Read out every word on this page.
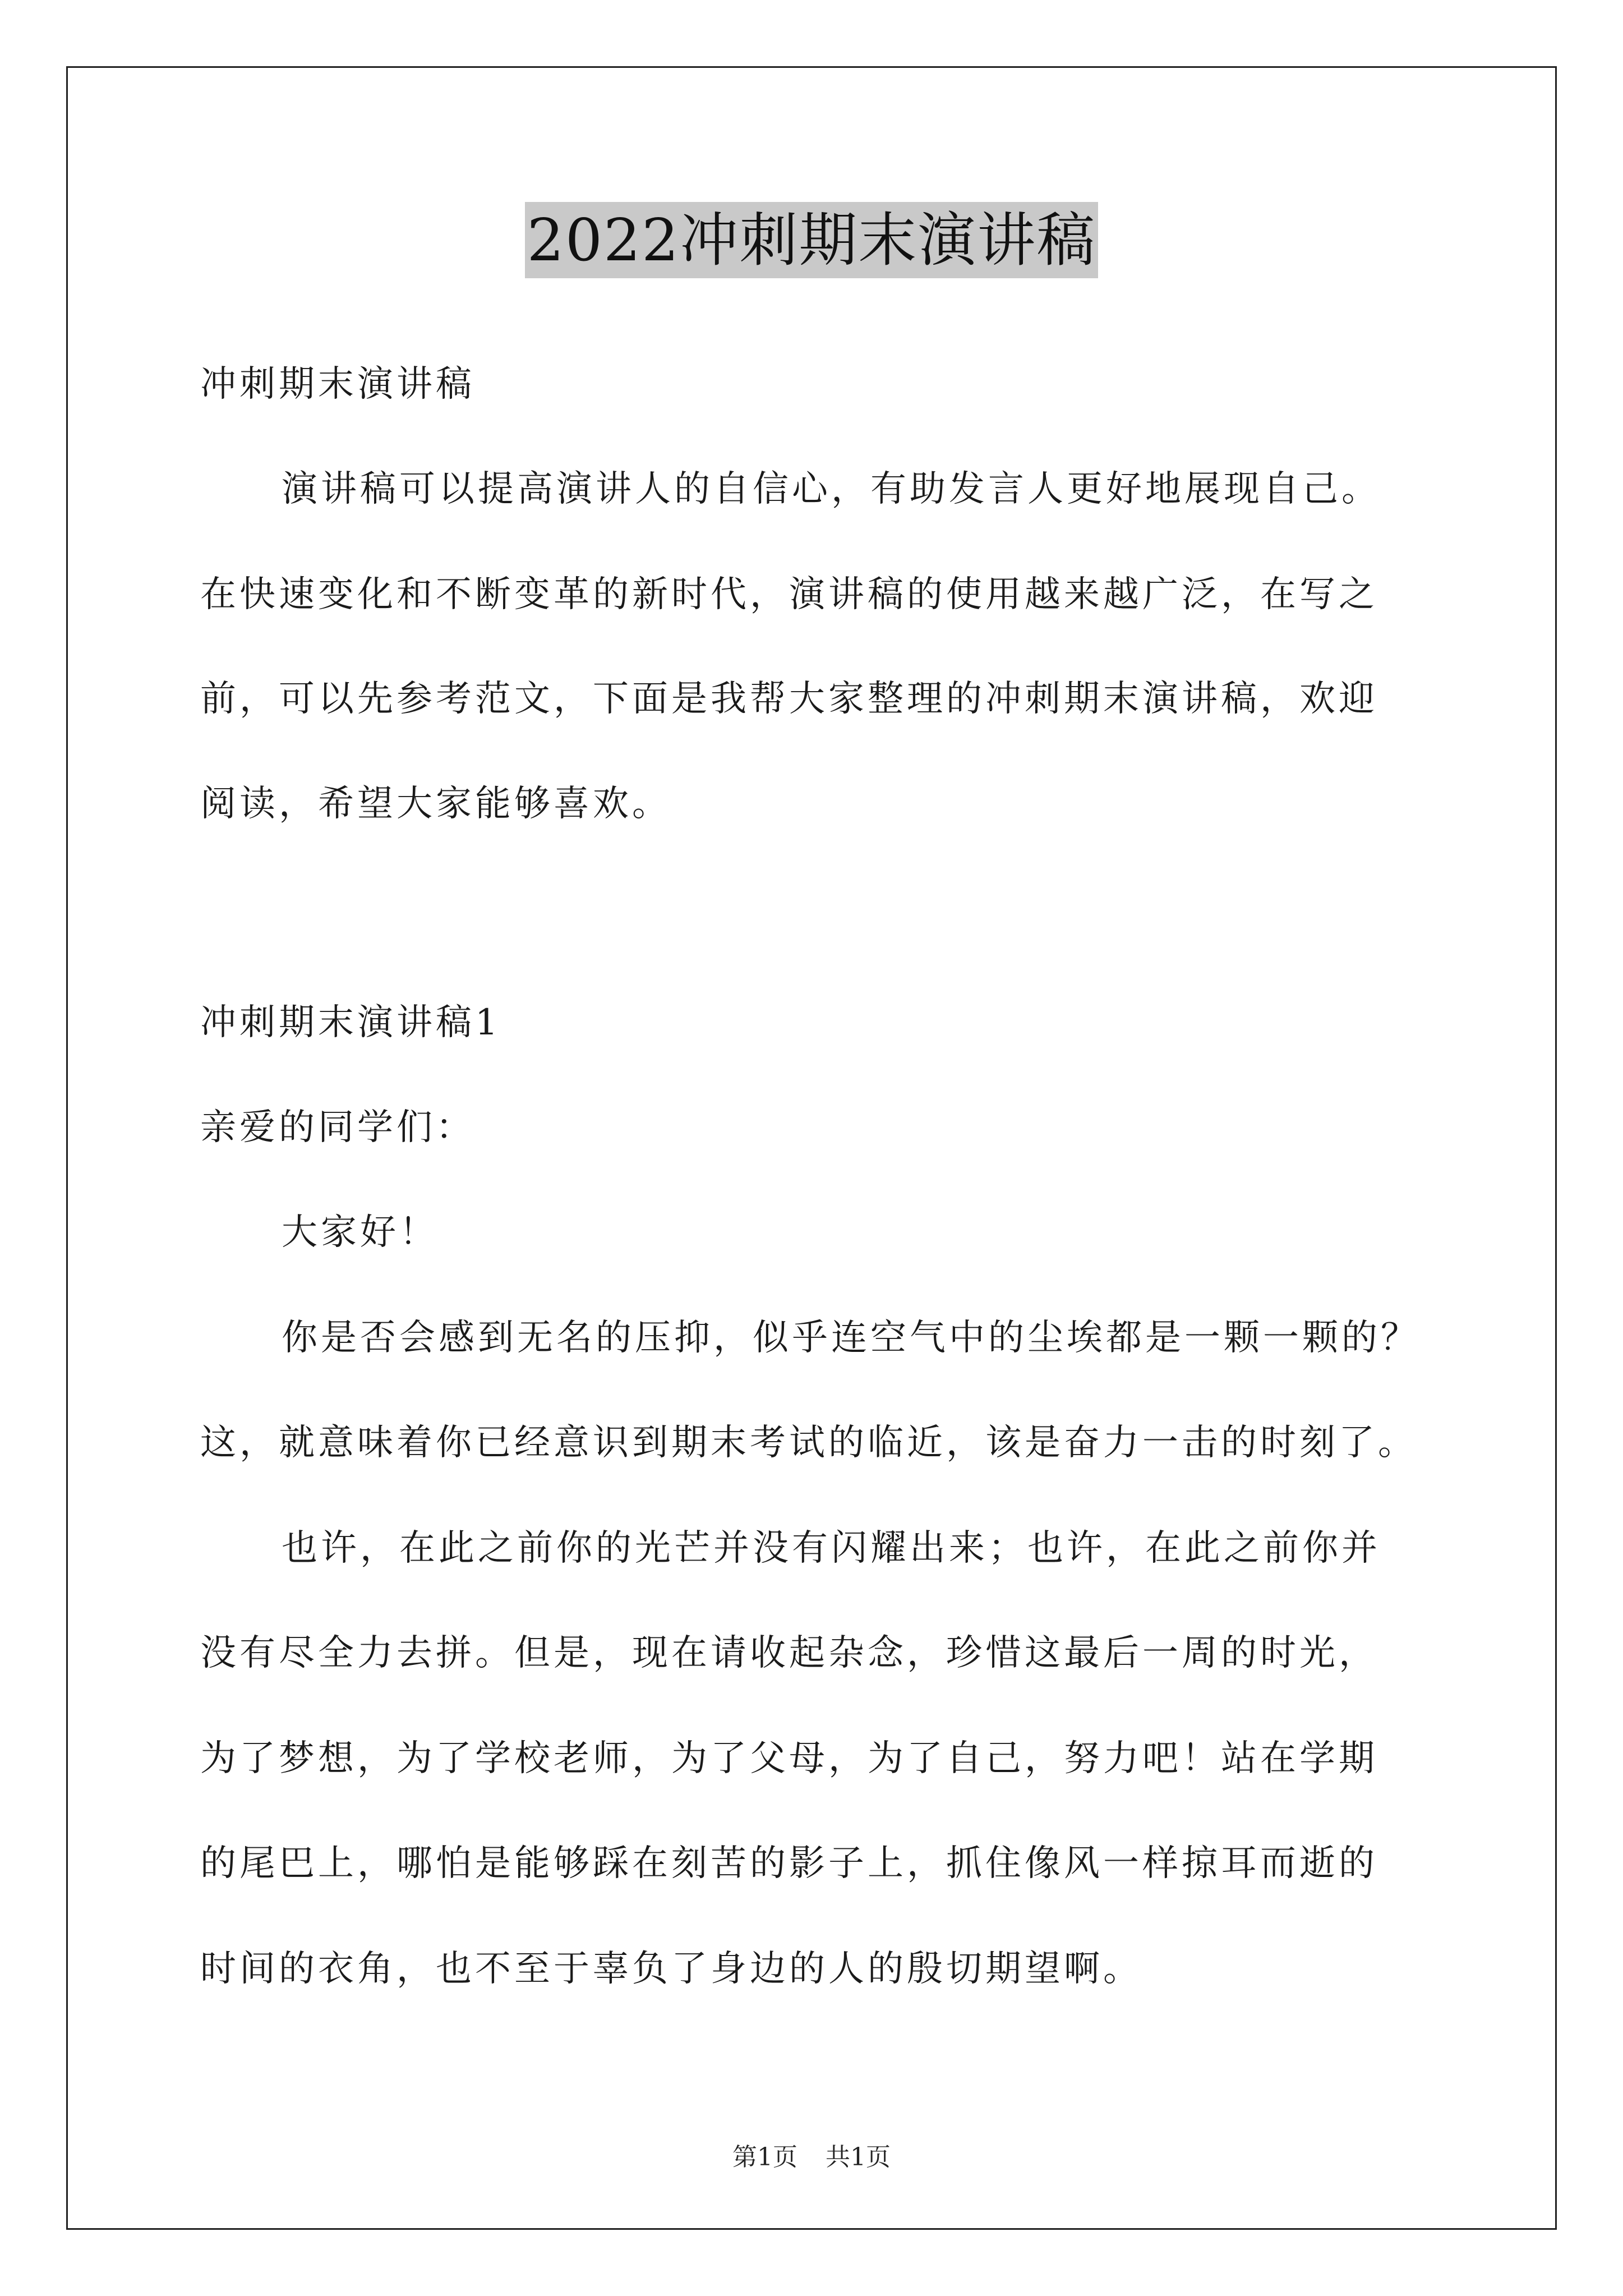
2022冲刺期末演讲稿

冲刺期末演讲稿

演讲稿可以提高演讲人的自信心，有助发言人更好地展现自己。

在快速变化和不断变革的新时代，演讲稿的使用越来越广泛，在写之

前，可以先参考范文，下面是我帮大家整理的冲刺期末演讲稿，欢迎

阅读，希望大家能够喜欢。

冲刺期末演讲稿1

亲爱的同学们：

大家好！

你是否会感到无名的压抑，似乎连空气中的尘埃都是一颗一颗的？

这，就意味着你已经意识到期末考试的临近，该是奋力一击的时刻了。

也许，在此之前你的光芒并没有闪耀出来；也许，在此之前你并

没有尽全力去拼。但是，现在请收起杂念，珍惜这最后一周的时光，

为了梦想，为了学校老师，为了父母，为了自己，努力吧！站在学期

的尾巴上，哪怕是能够踩在刻苦的影子上，抓住像风一样掠耳而逝的

时间的衣角，也不至于辜负了身边的人的殷切期望啊。

第1页 共1页
